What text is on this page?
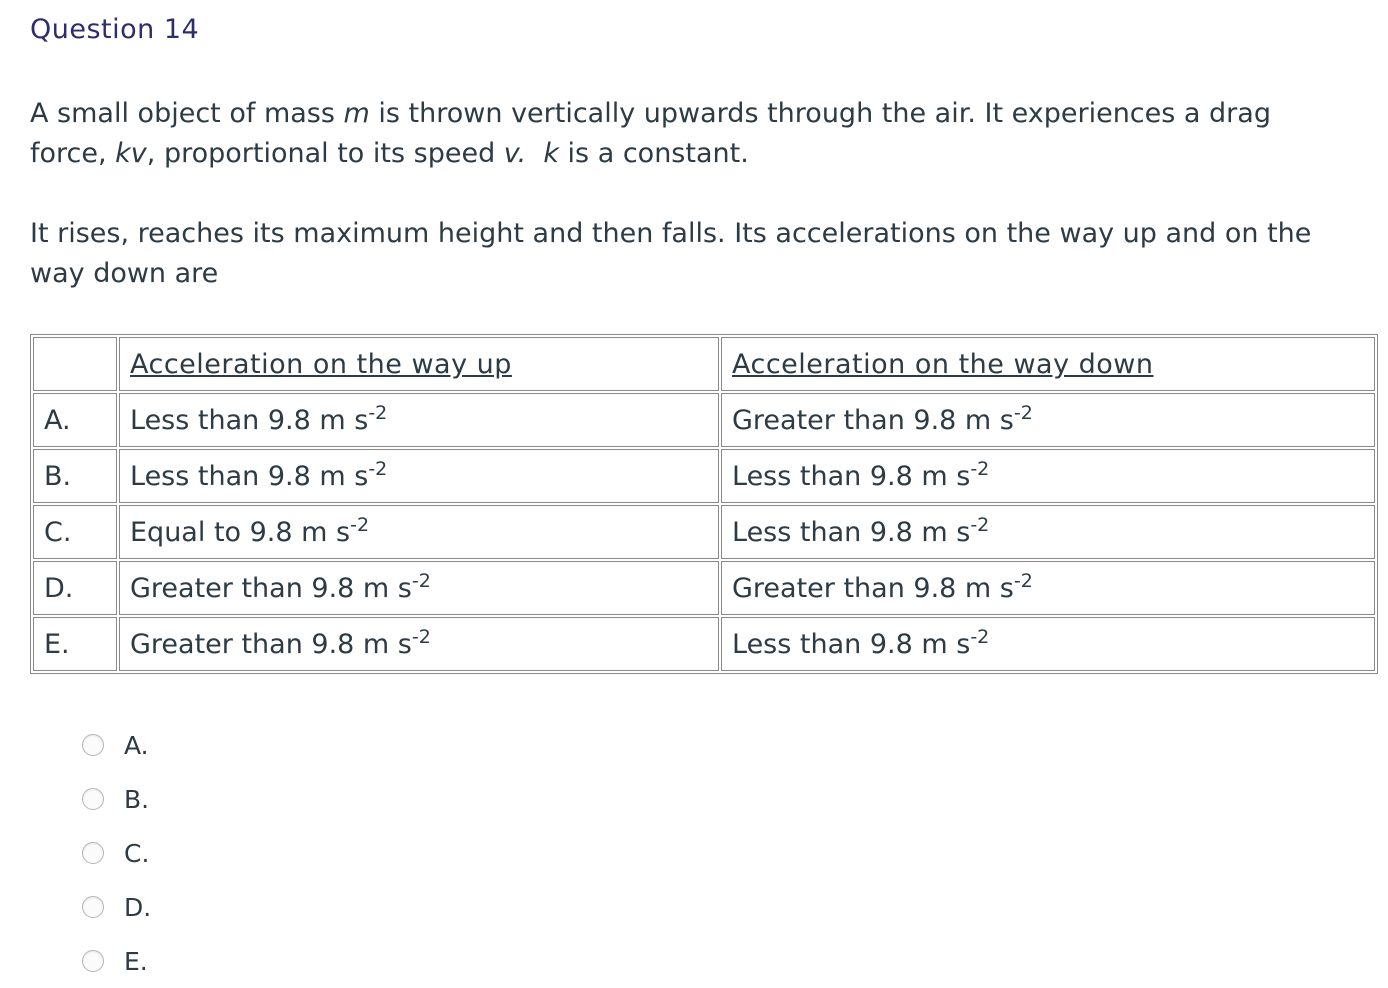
Question 14

A small object of mass m is thrown vertically upwards through the air. It experiences a drag force, kv, proportional to its speed v. k is a constant.

It rises, reaches its maximum height and then falls. Its accelerations on the way up and on the way down are

	Acceleration on the way up	Acceleration on the way down
A.	Less than 9.8 m $s^{-2}$	Greater than 9.8 m $s^{-2}$
B.	Less than 9.8 m $s^{-2}$	Less than 9.8 m $s^{-2}$
C.	Equal to 9.8 m $s^{-2}$	Less than 9.8 m $s^{-2}$
D.	Greater than 9.8 m $s^{-2}$	Greater than 9.8 m $s^{-2}$
E.	Greater than 9.8 m $s^{-2}$	Less than 9.8 m $s^{-2}$
A.
B.
C.
D.
E.
